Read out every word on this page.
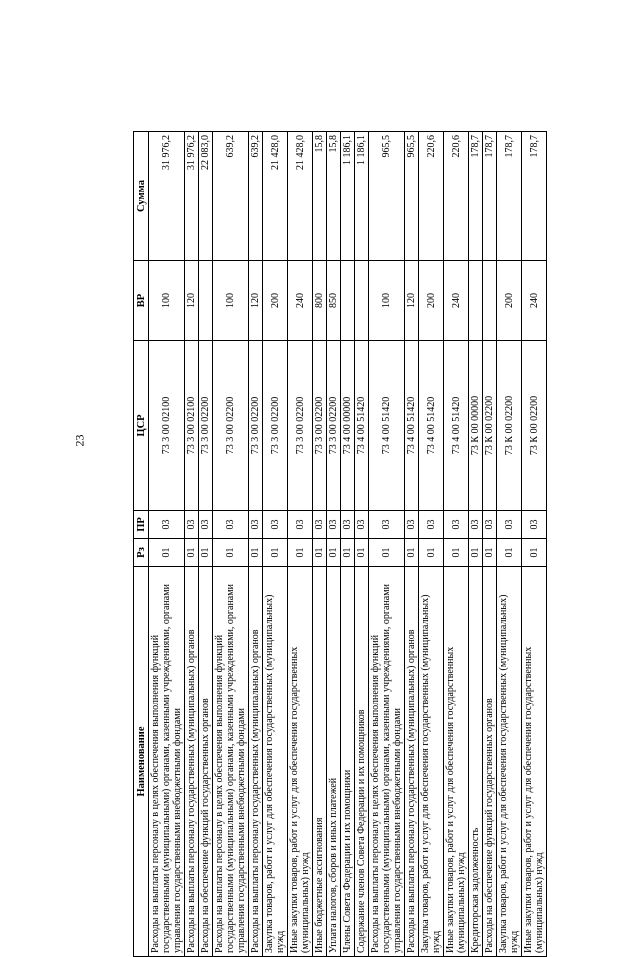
23
Наименование	Рз	ПР	ЦСР	ВР	Сумма
Расходы на выплаты персоналу в целях обеспечения выполнения функций государственными (муниципальными) органами, казенными учреждениями, органами управления государственными внебюджетными фондами	01	03	73 3 00 02100	100	31 976,2
Расходы на выплаты персоналу государственных (муниципальных) органов	01	03	73 3 00 02100	120	31 976,2
Расходы на обеспечение функций государственных органов	01	03	73 3 00 02200		22 083,0
Расходы на выплаты персоналу в целях обеспечения выполнения функций государственными (муниципальными) органами, казенными учреждениями, органами управления государственными внебюджетными фондами	01	03	73 3 00 02200	100	639,2
Расходы на выплаты персоналу государственных (муниципальных) органов	01	03	73 3 00 02200	120	639,2
Закупка товаров, работ и услуг для обеспечения государственных (муниципальных) нужд	01	03	73 3 00 02200	200	21 428,0
Иные закупки товаров, работ и услуг для обеспечения государственных (муниципальных) нужд	01	03	73 3 00 02200	240	21 428,0
Иные бюджетные ассигнования	01	03	73 3 00 02200	800	15,8
Уплата налогов, сборов и иных платежей	01	03	73 3 00 02200	850	15,8
Члены Совета Федерации и их помощники	01	03	73 4 00 00000		1 186,1
Содержание членов Совета Федерации и их помощников	01	03	73 4 00 51420		1 186,1
Расходы на выплаты персоналу в целях обеспечения выполнения функций государственными (муниципальными) органами, казенными учреждениями, органами управления государственными внебюджетными фондами	01	03	73 4 00 51420	100	965,5
Расходы на выплаты персоналу государственных (муниципальных) органов	01	03	73 4 00 51420	120	965,5
Закупка товаров, работ и услуг для обеспечения государственных (муниципальных) нужд	01	03	73 4 00 51420	200	220,6
Иные закупки товаров, работ и услуг для обеспечения государственных (муниципальных) нужд	01	03	73 4 00 51420	240	220,6
Кредиторская задолженность	01	03	73 К 00 00000		178,7
Расходы на обеспечение функций государственных органов	01	03	73 К 00 02200		178,7
Закупка товаров, работ и услуг для обеспечения государственных (муниципальных) нужд	01	03	73 К 00 02200	200	178,7
Иные закупки товаров, работ и услуг для обеспечения государственных (муниципальных) нужд	01	03	73 К 00 02200	240	178,7
